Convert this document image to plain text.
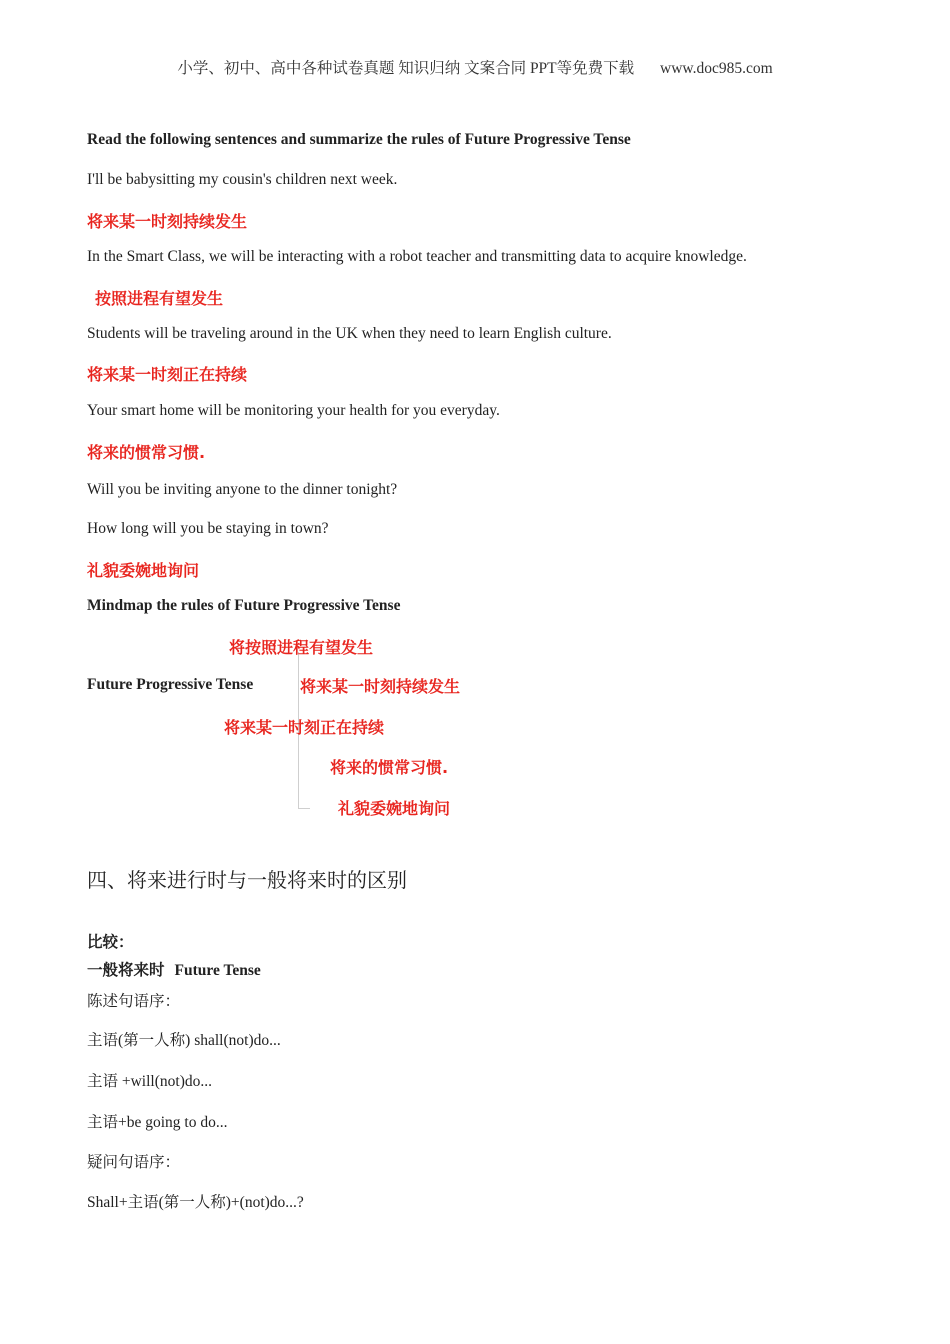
小学、初中、高中各种试卷真题 知识归纳 文案合同 PPT等免费下载 www.doc985.com
Read the following sentences and summarize the rules of Future Progressive Tense
I'll be babysitting my cousin's children next week.
将来某一时刻持续发生
In the Smart Class, we will be interacting with a robot teacher and transmitting data to acquire knowledge.
按照进程有望发生
Students will be traveling around in the UK when they need to learn English culture.
将来某一时刻正在持续
Your smart home will be monitoring your health for you everyday.
将来的惯常习惯.
Will you be inviting anyone to the dinner tonight?
How long will you be staying in town?
礼貌委婉地询问
Mindmap the rules of Future Progressive Tense
将按照进程有望发生
Future Progressive Tense	将来某一时刻持续发生
将来某一时刻正在持续
将来的惯常习惯.
礼貌委婉地询问
四、将来进行时与一般将来时的区别
比较：
一般将来时 Future Tense
陈述句语序：
主语(第一人称) shall(not)do...
主语 +will(not)do...
主语+be going to do...
疑问句语序：
Shall+主语(第一人称)+(not)do...?
